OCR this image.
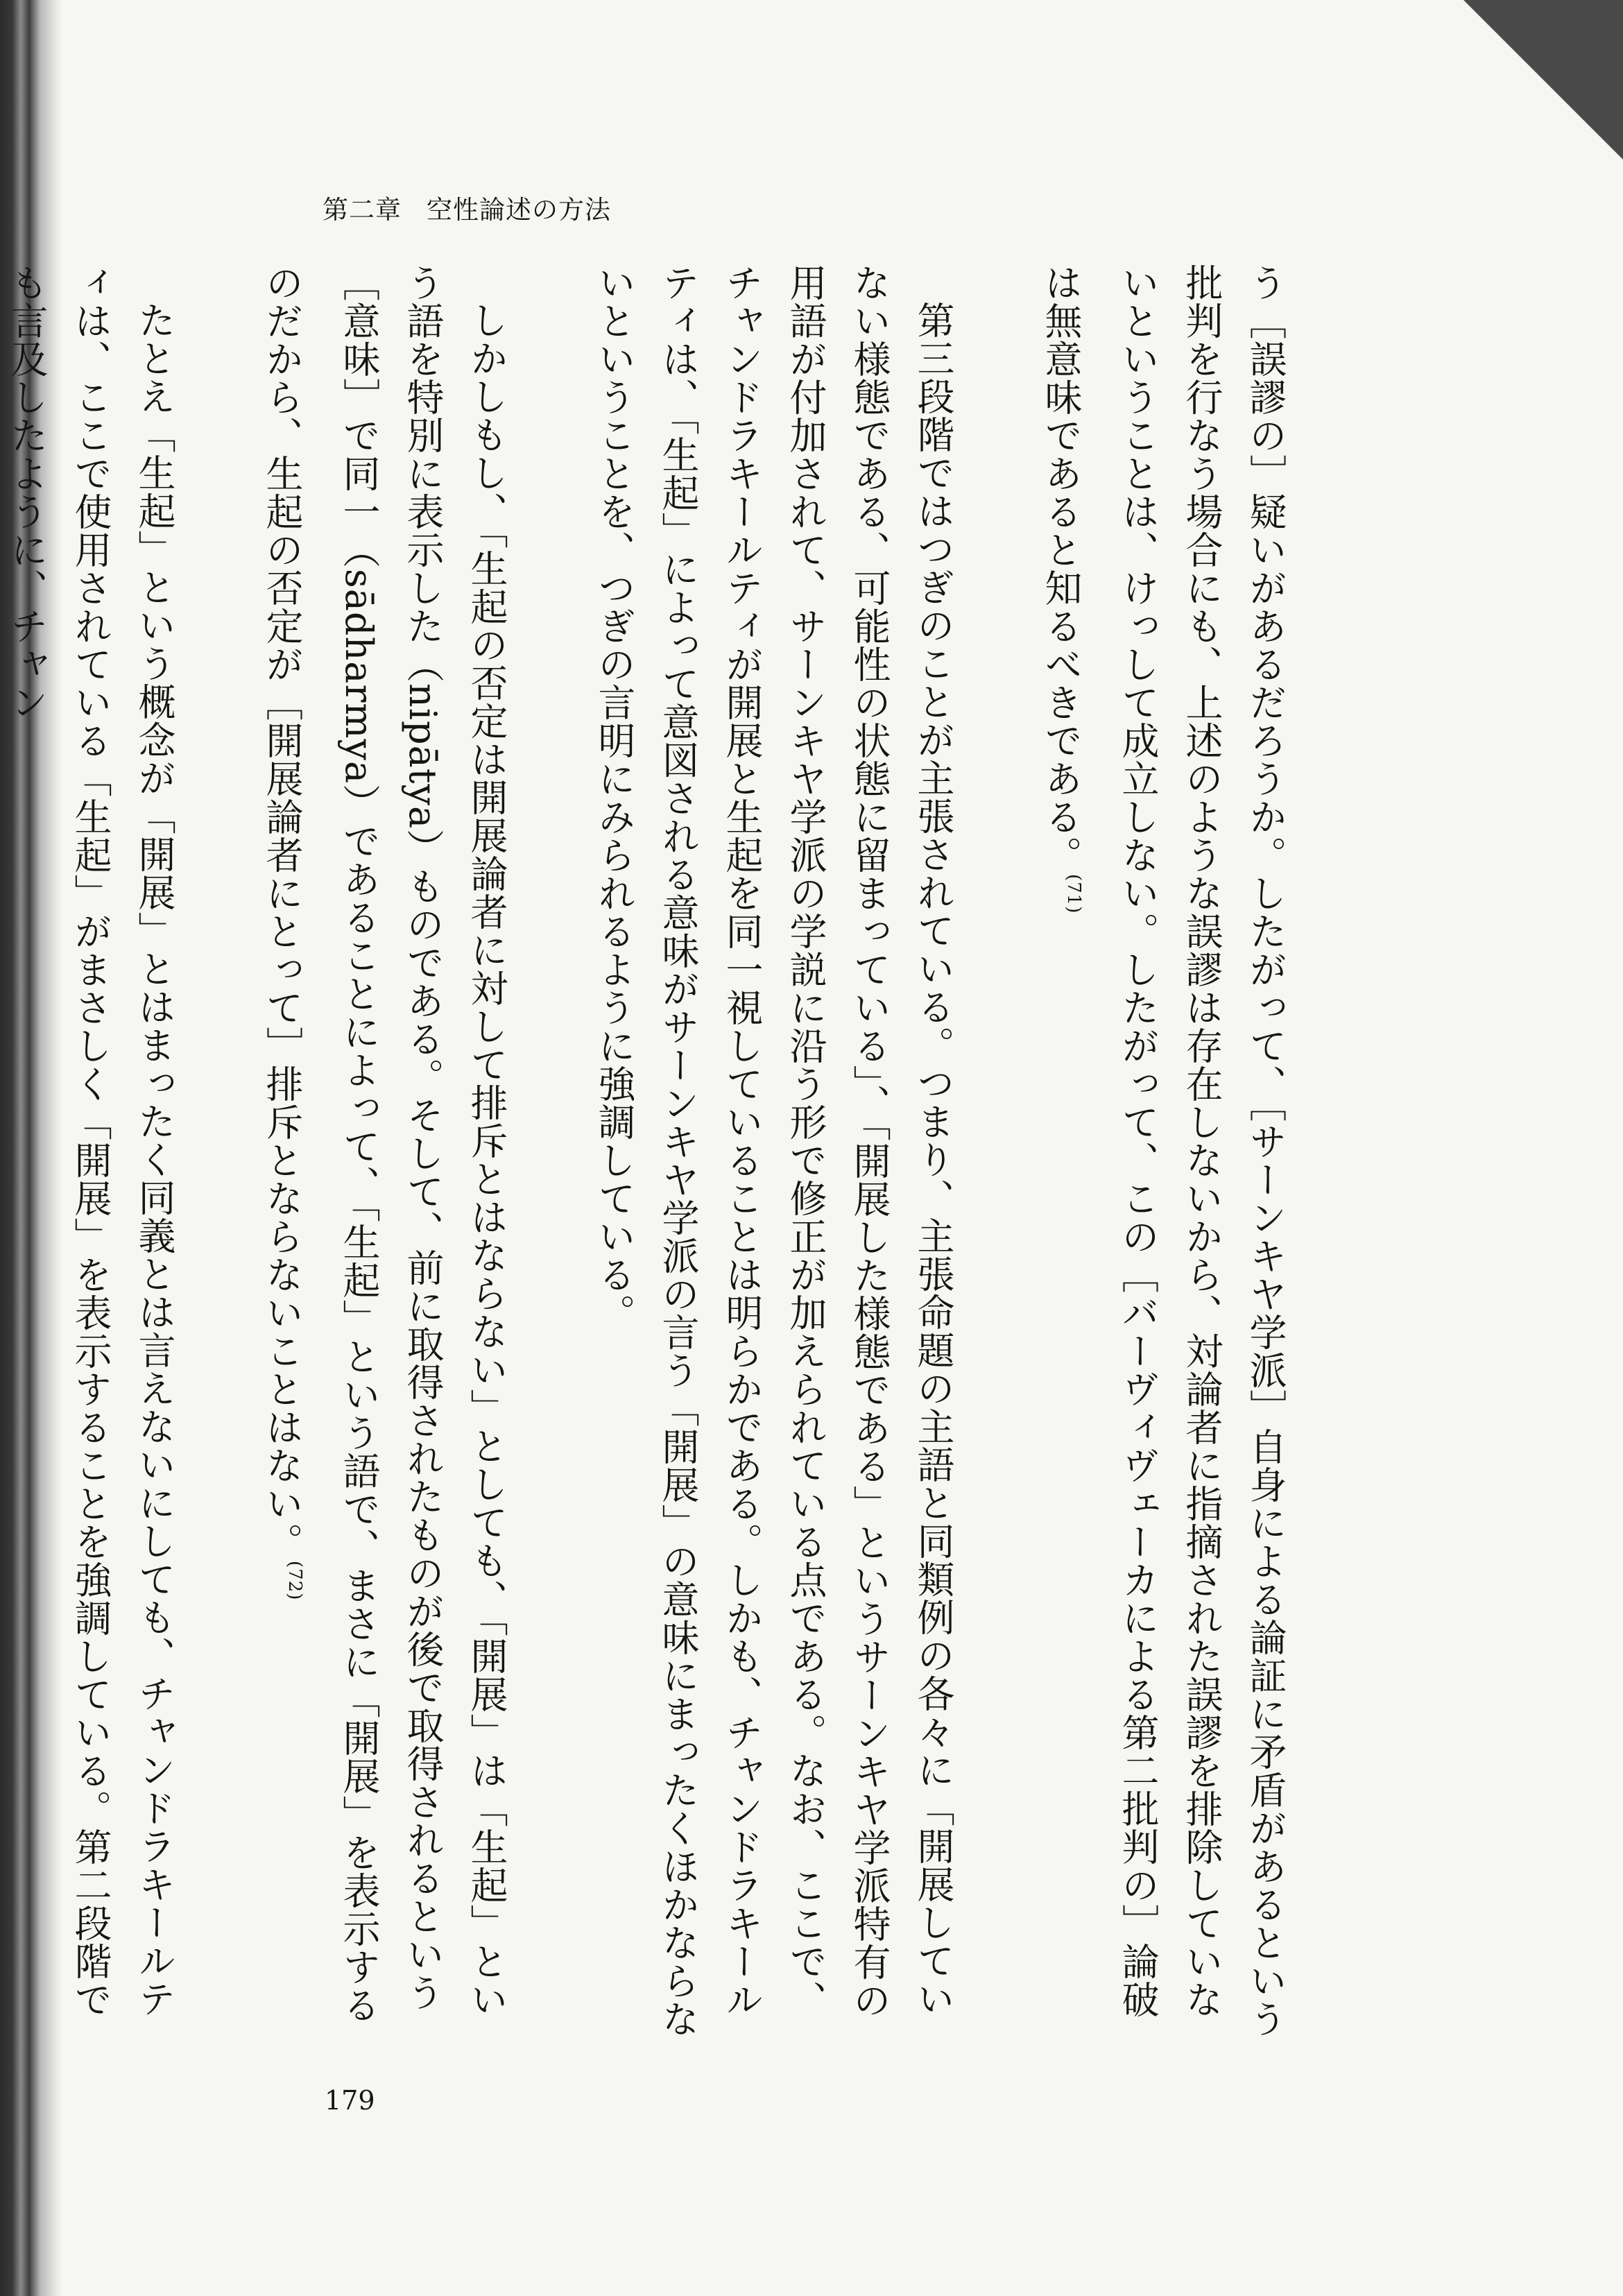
第二章 空性論述の方法

う［誤謬の］疑いがあるだろうか。したがって、［サーンキヤ学派］自身による論証に矛盾があるという批判を行なう場合にも、上述のような誤謬は存在しないから、対論者に指摘された誤謬を排除していないということは、けっして成立しない。したがって、この［バーヴィヴェーカによる第二批判の］論破は無意味であると知るべきである。$^{(71)}$

第三段階ではつぎのことが主張されている。つまり、主張命題の主語と同類例の各々に「開展していない様態である、可能性の状態に留まっている」、「開展した様態である」というサーンキヤ学派特有の用語が付加されて、サーンキヤ学派の学説に沿う形で修正が加えられている点である。なお、ここで、チャンドラキールティが開展と生起を同一視していることは明らかである。しかも、チャンドラキールティは、「生起」によって意図される意味がサーンキヤ学派の言う「開展」の意味にまったくほかならないということを、つぎの言明にみられるように強調している。

しかしもし、「生起の否定は開展論者に対して排斥とはならない」としても、「開展」は「生起」という語を特別に表示した（nipātya）ものである。そして、前に取得されたものが後で取得されるという［意味］で同一（sādharmya）であることによって、「生起」という語で、まさに「開展」を表示するのだから、生起の否定が［開展論者にとって］排斥とならないことはない。$^{(72)}$

たとえ「生起」という概念が「開展」とはまったく同義とは言えないにしても、チャンドラキールティは、ここで使用されている「生起」がまさしく「開展」を表示することを強調している。第二段階でも言及したように、チャン

179
